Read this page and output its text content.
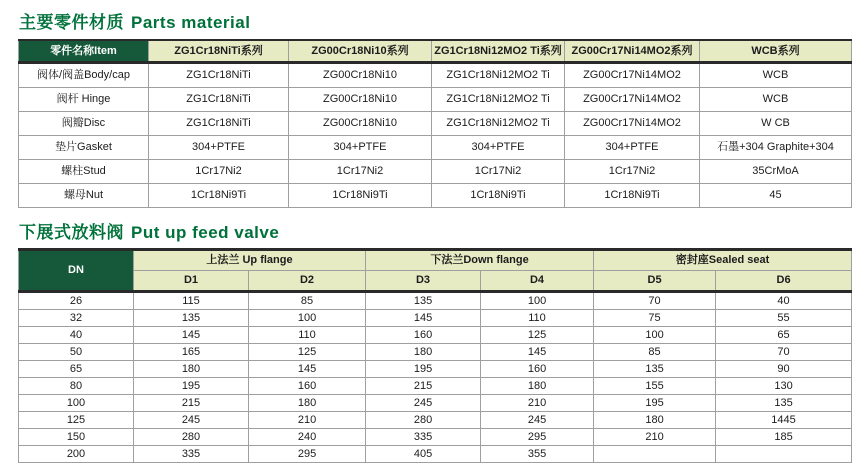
主要零件材质 Parts material
零件名称Item	ZG1Cr18NiTi系列	ZG00Cr18Ni10系列	ZG1Cr18Ni12MO2 Ti系列	ZG00Cr17Ni14MO2系列	WCB系列
阀体/阀盖Body/cap	ZG1Cr18NiTi	ZG00Cr18Ni10	ZG1Cr18Ni12MO2 Ti	ZG00Cr17Ni14MO2	WCB
阀杆 Hinge	ZG1Cr18NiTi	ZG00Cr18Ni10	ZG1Cr18Ni12MO2 Ti	ZG00Cr17Ni14MO2	WCB
阀瓣Disc	ZG1Cr18NiTi	ZG00Cr18Ni10	ZG1Cr18Ni12MO2 Ti	ZG00Cr17Ni14MO2	W CB
垫片Gasket	304+PTFE	304+PTFE	304+PTFE	304+PTFE	石墨+304 Graphite+304
螺柱Stud	1Cr17Ni2	1Cr17Ni2	1Cr17Ni2	1Cr17Ni2	35CrMoA
螺母Nut	1Cr18Ni9Ti	1Cr18Ni9Ti	1Cr18Ni9Ti	1Cr18Ni9Ti	45
下展式放料阀 Put up feed valve
DN	上法兰 Up flange		下法兰Down flange		密封座Sealed seat	
	D1	D2	D3	D4	D5	D6
26	115	85	135	100	70	40
32	135	100	145	110	75	55
40	145	110	160	125	100	65
50	165	125	180	145	85	70
65	180	145	195	160	135	90
80	195	160	215	180	155	130
100	215	180	245	210	195	135
125	245	210	280	245	180	1445
150	280	240	335	295	210	185
200	335	295	405	355		
